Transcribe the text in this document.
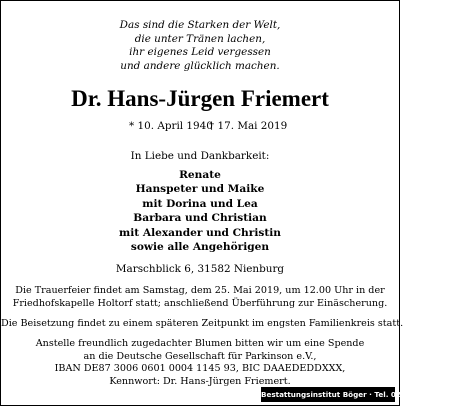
Das sind die Starken der Welt,
die unter Tränen lachen,
ihr eigenes Leid vergessen
und andere glücklich machen.
Dr. Hans-Jürgen Friemert
* 10. April 1940
† 17. Mai 2019
In Liebe und Dankbarkeit:
Renate
Hanspeter und Maike
mit Dorina und Lea
Barbara und Christian
mit Alexander und Christin
sowie alle Angehörigen
Marschblick 6, 31582 Nienburg
Die Trauerfeier findet am Samstag, dem 25. Mai 2019, um 12.00 Uhr in der
Friedhofskapelle Holtorf statt; anschließend Überführung zur Einäscherung.
Die Beisetzung findet zu einem späteren Zeitpunkt im engsten Familienkreis statt.
Anstelle freundlich zugedachter Blumen bitten wir um eine Spende
an die Deutsche Gesellschaft für Parkinson e.V.,
IBAN DE87 3006 0601 0004 1145 93, BIC DAAEDEDDXXX,
Kennwort: Dr. Hans-Jürgen Friemert.
Bestattungsinstitut Böger · Tel. 0 50 21 - 9 78 90
